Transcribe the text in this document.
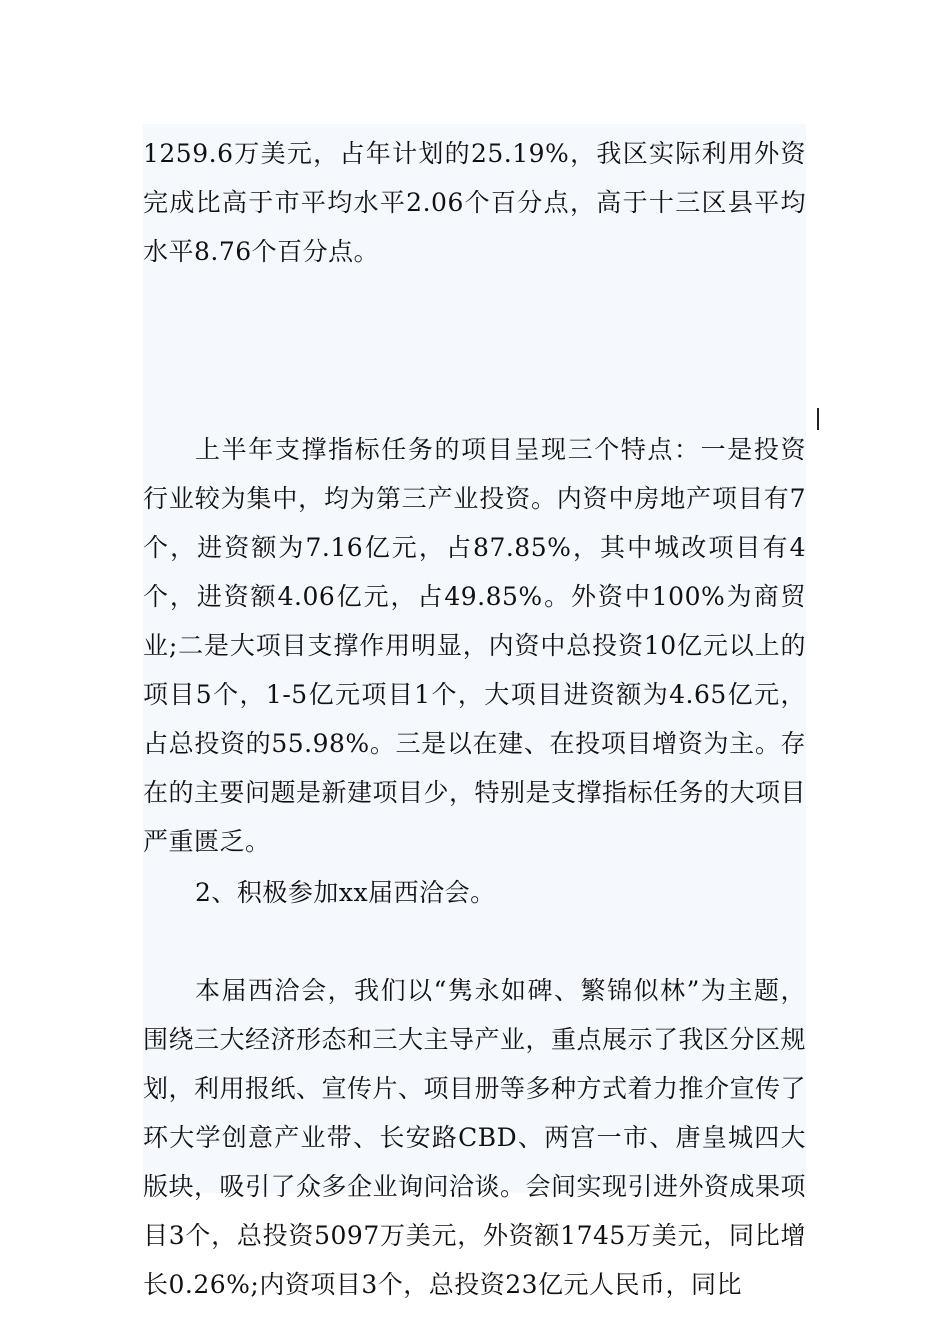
1259.6万美元，占年计划的25.19%，我区实际利用外资完成比高于市平均水平2.06个百分点，高于十三区县平均水平8.76个百分点。

上半年支撑指标任务的项目呈现三个特点：一是投资行业较为集中，均为第三产业投资。内资中房地产项目有7个，进资额为7.16亿元，占87.85%，其中城改项目有4个，进资额4.06亿元，占49.85%。外资中100%为商贸业;二是大项目支撑作用明显，内资中总投资10亿元以上的项目5个，1-5亿元项目1个，大项目进资额为4.65亿元，占总投资的55.98%。三是以在建、在投项目增资为主。存在的主要问题是新建项目少，特别是支撑指标任务的大项目严重匮乏。

2、积极参加xx届西洽会。

本届西洽会，我们以“隽永如碑、繁锦似林”为主题，围绕三大经济形态和三大主导产业，重点展示了我区分区规划，利用报纸、宣传片、项目册等多种方式着力推介宣传了环大学创意产业带、长安路CBD、两宫一市、唐皇城四大版块，吸引了众多企业询问洽谈。会间实现引进外资成果项目3个，总投资5097万美元，外资额1745万美元，同比增长0.26%;内资项目3个，总投资23亿元人民币，同比
